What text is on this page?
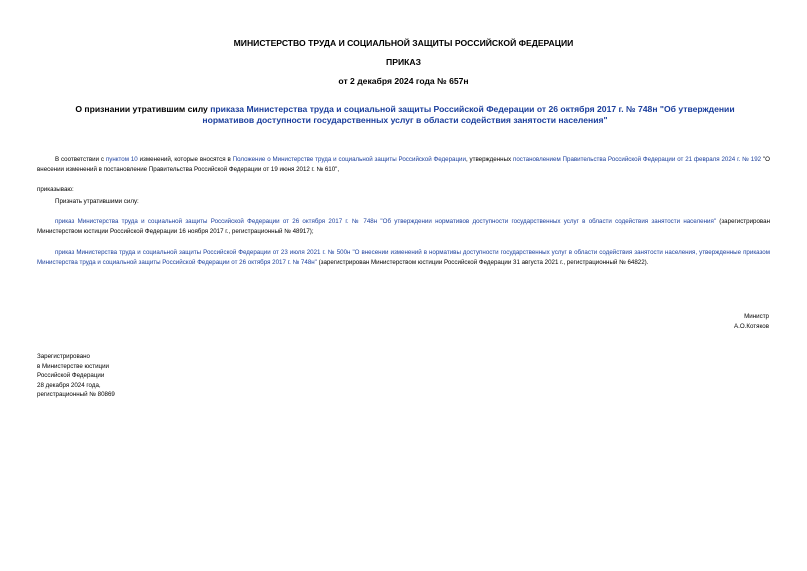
МИНИСТЕРСТВО ТРУДА И СОЦИАЛЬНОЙ ЗАЩИТЫ РОССИЙСКОЙ ФЕДЕРАЦИИ
ПРИКАЗ
от 2 декабря 2024 года № 657н
О признании утратившим силу приказа Министерства труда и социальной защиты Российской Федерации от 26 октября 2017 г. № 748н "Об утверждении нормативов доступности государственных услуг в области содействия занятости населения"
В соответствии с пунктом 10 изменений, которые вносятся в Положение о Министерстве труда и социальной защиты Российской Федерации, утвержденных постановлением Правительства Российской Федерации от 21 февраля 2024 г. № 192 "О внесении изменений в постановление Правительства Российской Федерации от 19 июня 2012 г. № 610",
приказываю:
Признать утратившими силу:
приказ Министерства труда и социальной защиты Российской Федерации от 26 октября 2017 г. № 748н "Об утверждении нормативов доступности государственных услуг в области содействия занятости населения" (зарегистрирован Министерством юстиции Российской Федерации 16 ноября 2017 г., регистрационный № 48917);
приказ Министерства труда и социальной защиты Российской Федерации от 23 июля 2021 г. № 500н "О внесении изменений в нормативы доступности государственных услуг в области содействия занятости населения, утвержденные приказом Министерства труда и социальной защиты Российской Федерации от 26 октября 2017 г. № 748н" (зарегистрирован Министерством юстиции Российской Федерации 31 августа 2021 г., регистрационный № 64822).
Министр
А.О.Котяков
Зарегистрировано
в Министерстве юстиции
Российской Федерации
28 декабря 2024 года,
регистрационный № 80869
